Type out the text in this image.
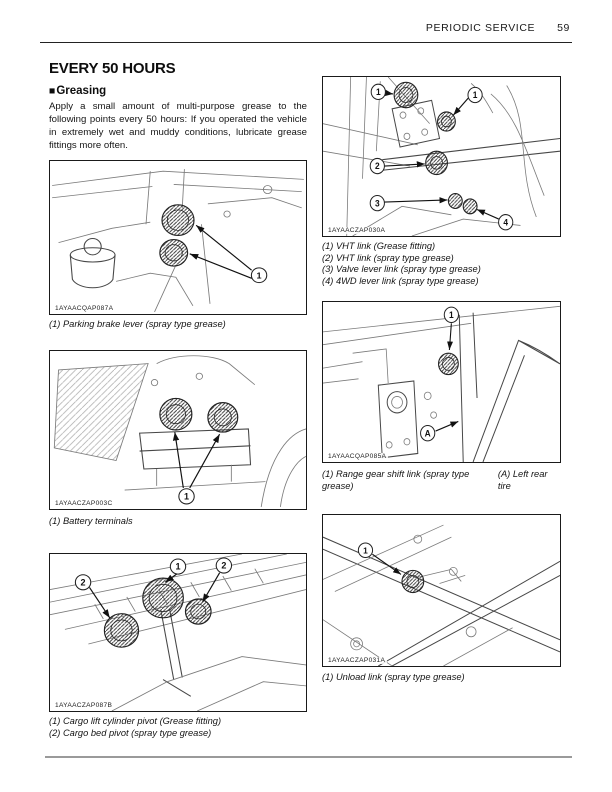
PERIODIC SERVICE 59
EVERY 50 HOURS
■Greasing

Apply a small amount of multi-purpose grease to the following points every 50 hours: If you operated the vehicle in extremely wet and muddy conditions, lubricate grease fittings more often.

1
1AYAACQAP087A
(1) Parking brake lever (spray type grease)
1
1AYAACZAP003C
(1) Battery terminals
2
1	2
1AYAACZAP087B
(1) Cargo lift cylinder pivot (Grease fitting)
(2) Cargo bed pivot (spray type grease)
1	1
2
3
4
1AYAACZAP030A
(1) VHT link (Grease fitting)
(2) VHT link (spray type grease)
(3) Valve lever link (spray type grease)
(4) 4WD lever link (spray type grease)
1
A
1AYAACQAP085A
(1) Range gear shift link (spray type grease)
(A) Left rear tire
1
1AYAACZAP031A
(1) Unload link (spray type grease)
